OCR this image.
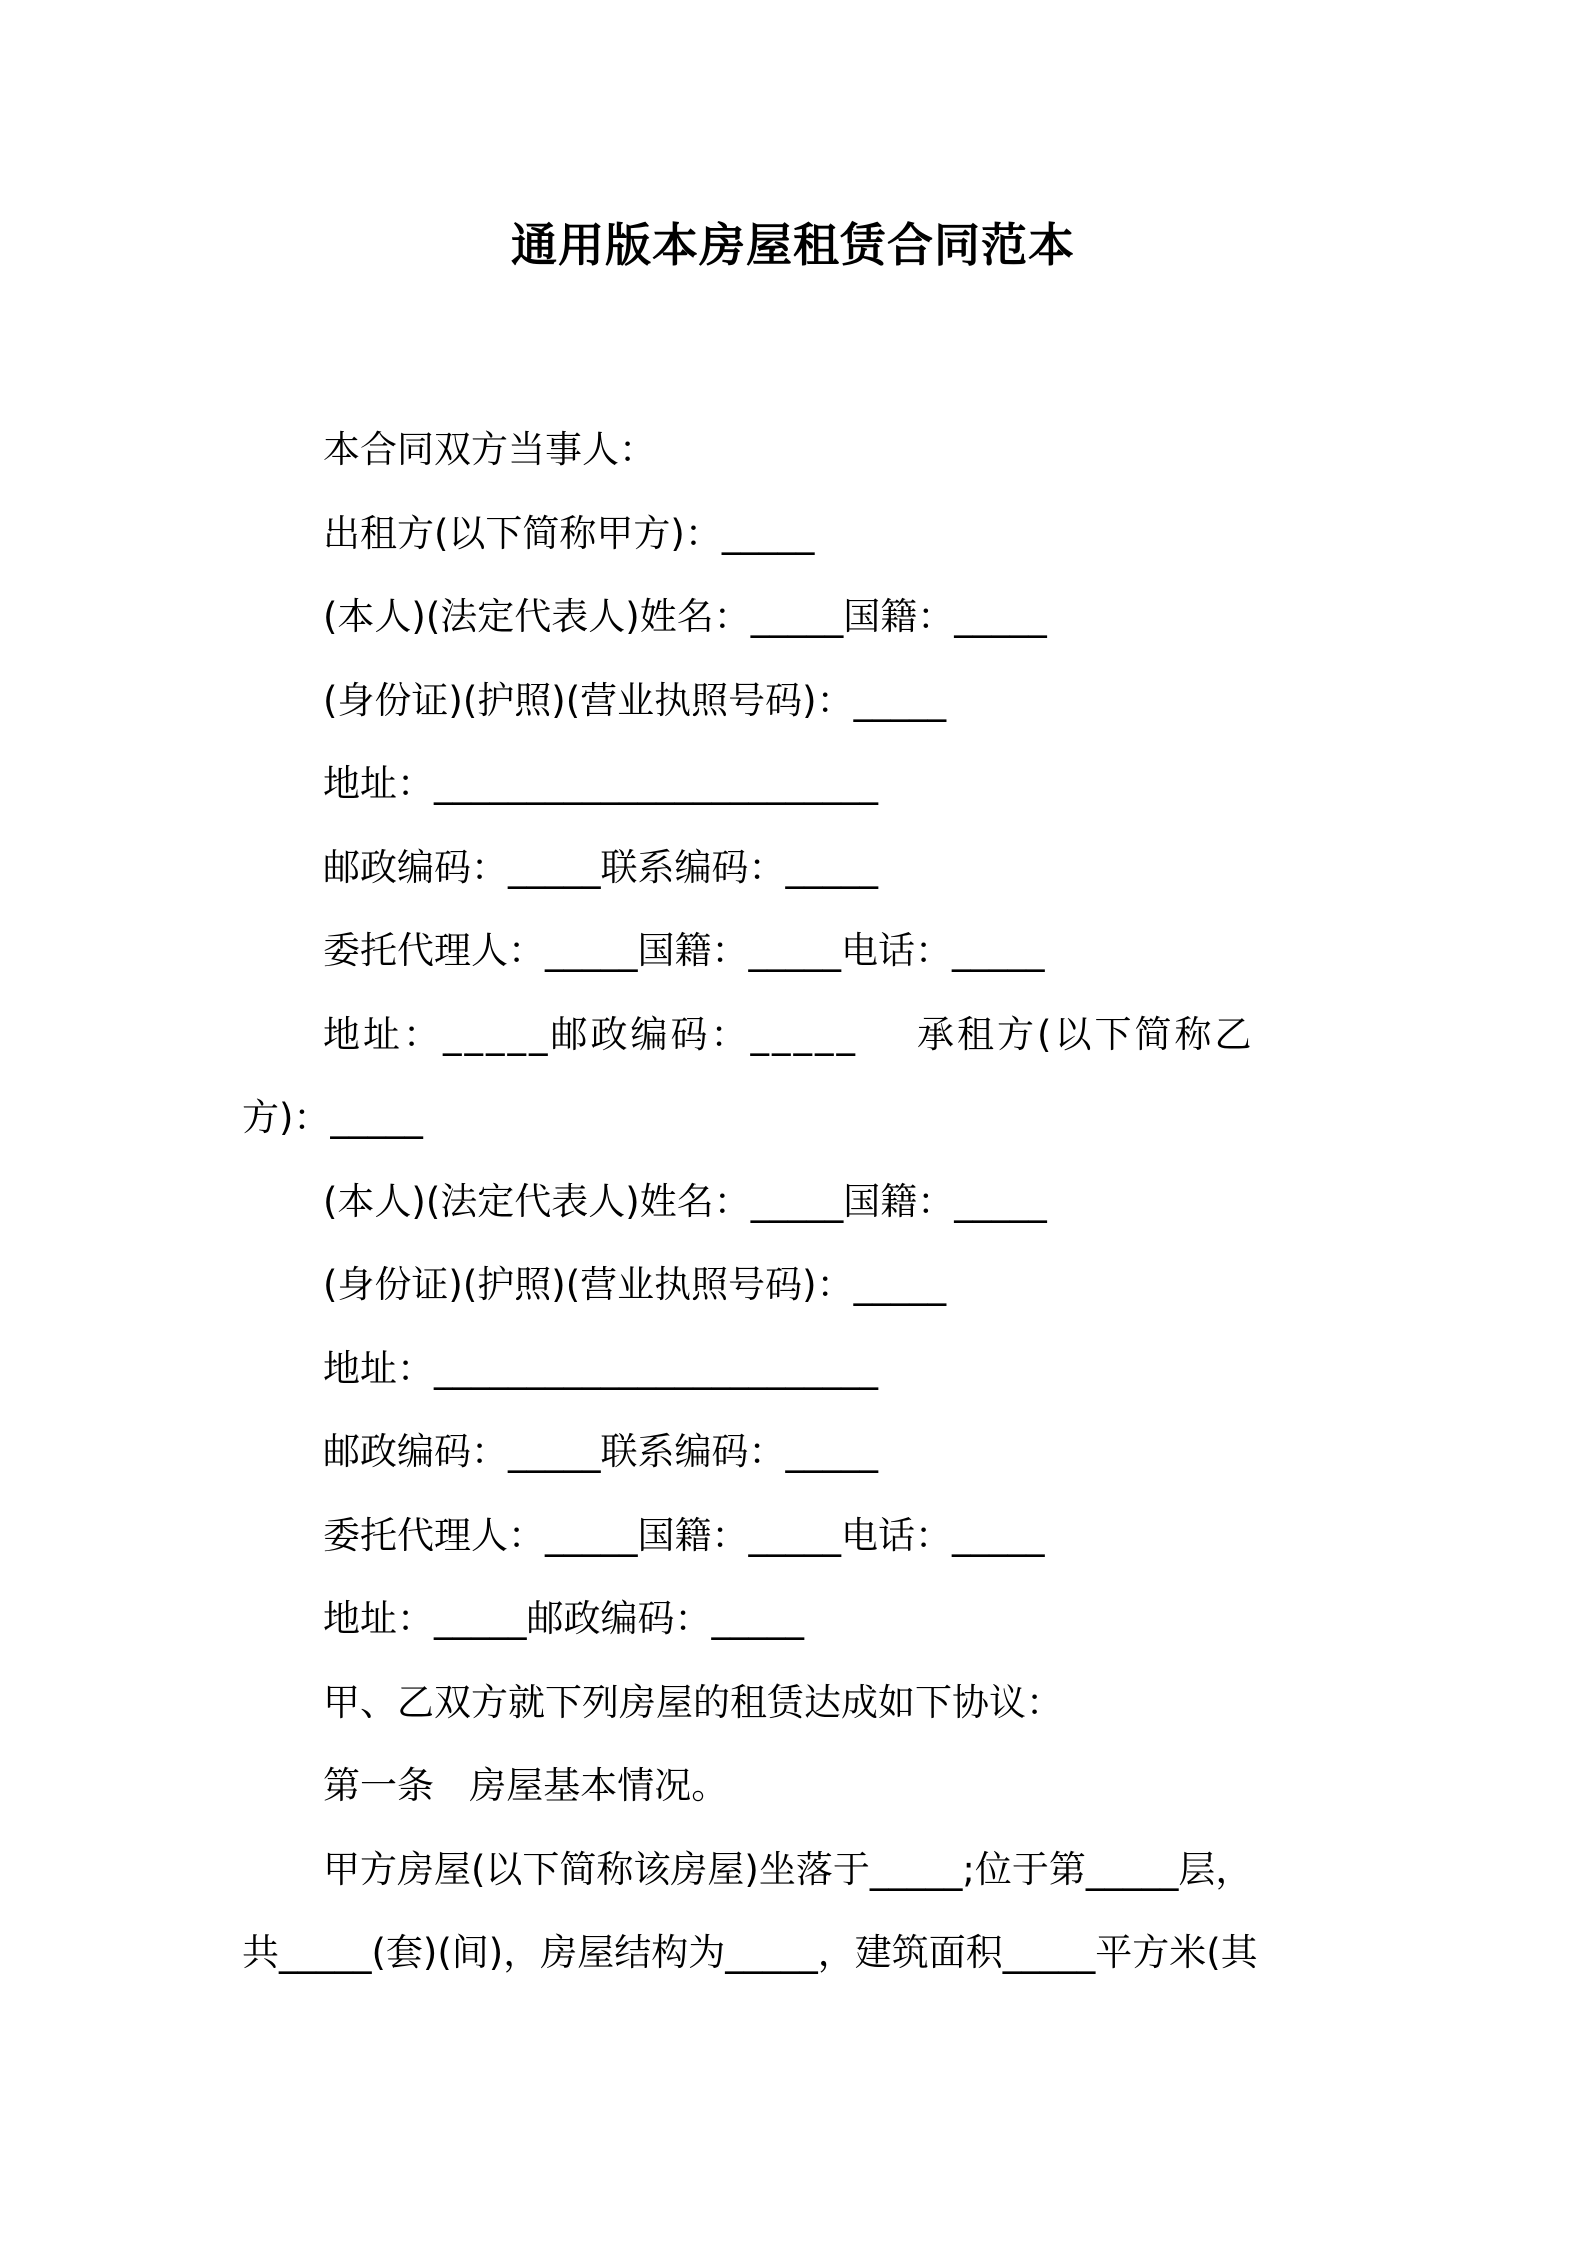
通用版本房屋租赁合同范本
本合同双方当事人：
出租方(以下简称甲方)：_____
(本人)(法定代表人)姓名：_____国籍：_____
(身份证)(护照)(营业执照号码)：_____
地址：________________________
邮政编码：_____联系编码：_____
委托代理人：_____国籍：_____电话：_____
地址：_____邮政编码：_____    承租方(以下简称乙
方)：_____
(本人)(法定代表人)姓名：_____国籍：_____
(身份证)(护照)(营业执照号码)：_____
地址：________________________
邮政编码：_____联系编码：_____
委托代理人：_____国籍：_____电话：_____
地址：_____邮政编码：_____
甲、乙双方就下列房屋的租赁达成如下协议：
第一条   房屋基本情况。
甲方房屋(以下简称该房屋)坐落于_____;位于第_____层，
共_____(套)(间)，房屋结构为_____，建筑面积_____平方米(其
